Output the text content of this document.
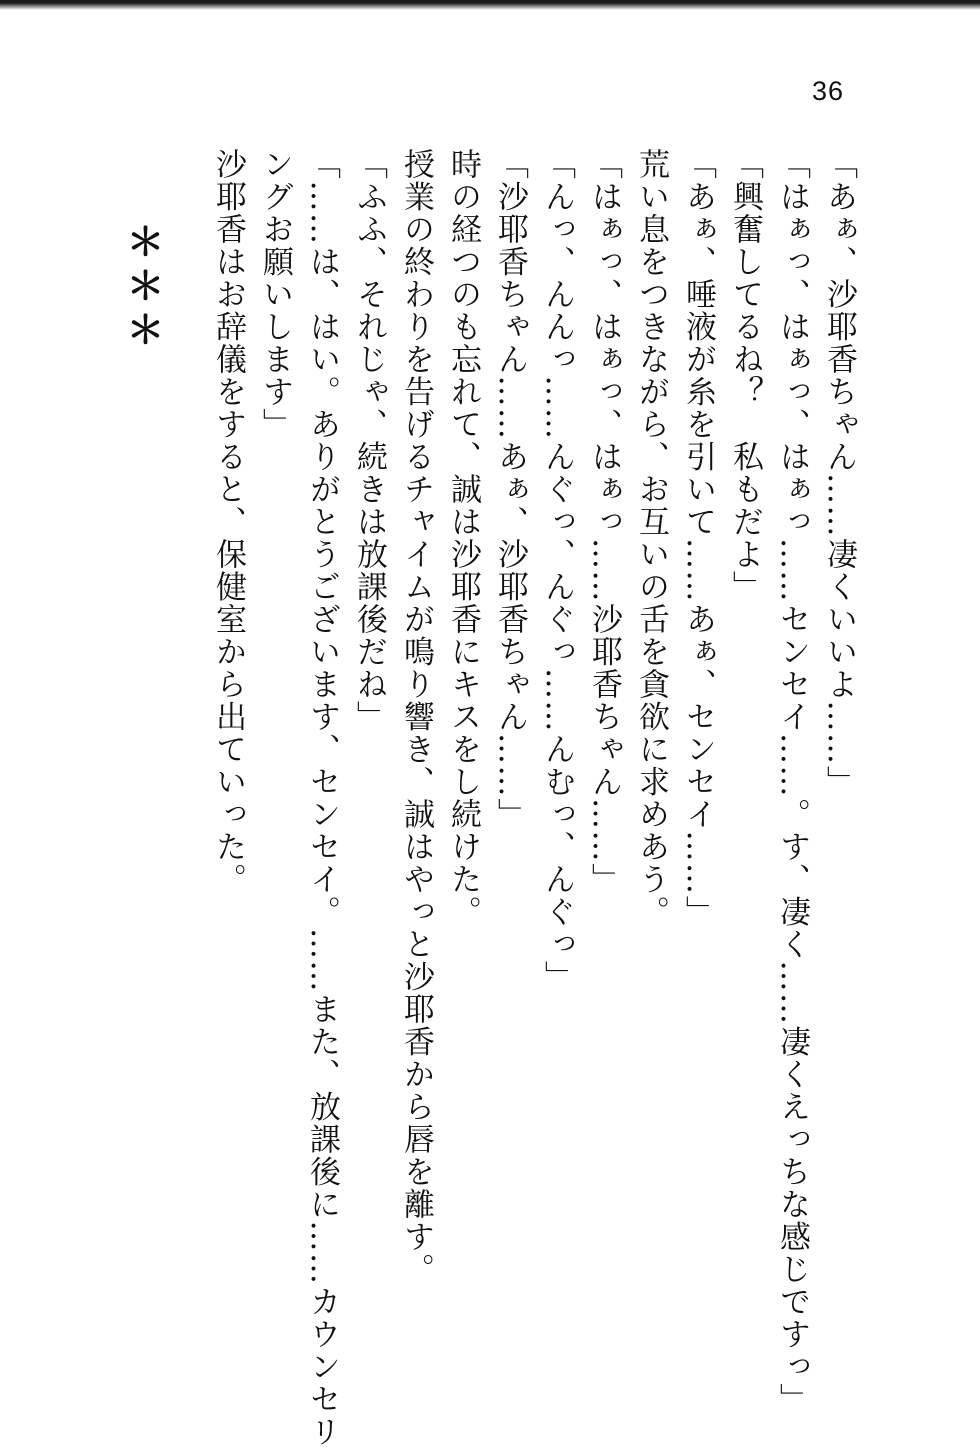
36
「あぁ、沙耶香ちゃん……凄くいいよ……」
「はぁっ、はぁっ、はぁっ……センセイ……。す、凄く……凄くえっちな感じですっ」
「興奮してるね？　私もだよ」
「あぁ、唾液が糸を引いて……あぁ、センセイ……」
荒い息をつきながら、お互いの舌を貪欲に求めあう。
「はぁっ、はぁっ、はぁっ……沙耶香ちゃん……」
「んっ、んんっ……んぐっ、んぐっ……んむっ、んぐっ」
「沙耶香ちゃん……あぁ、沙耶香ちゃん……」
時の経つのも忘れて、誠は沙耶香にキスをし続けた。
授業の終わりを告げるチャイムが鳴り響き、誠はやっと沙耶香から唇を離す。
「ふふ、それじゃ、続きは放課後だね」
「……は、はい。ありがとうございます、センセイ。……また、放課後に……カウンセリ
ングお願いします」
沙耶香はお辞儀をすると、保健室から出ていった。
＊＊＊
